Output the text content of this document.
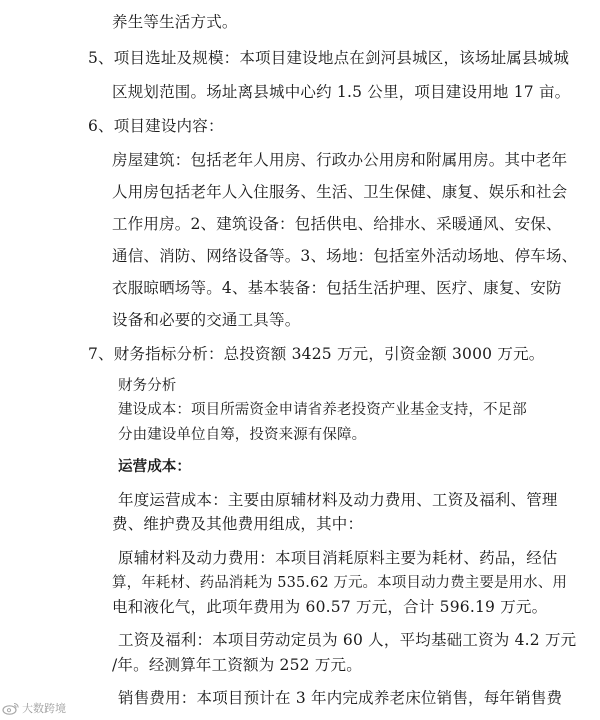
养生等生活方式。
5、项目选址及规模：本项目建设地点在剑河县城区，该场址属县城城
区规划范围。场址离县城中心约 1.5 公里，项目建设用地 17 亩。
6、项目建设内容：
房屋建筑：包括老年人用房、行政办公用房和附属用房。其中老年
人用房包括老年人入住服务、生活、卫生保健、康复、娱乐和社会
工作用房。2、建筑设备：包括供电、给排水、采暖通风、安保、
通信、消防、网络设备等。3、场地：包括室外活动场地、停车场、
衣服晾晒场等。4、基本装备：包括生活护理、医疗、康复、安防
设备和必要的交通工具等。
7、财务指标分析：总投资额 3425 万元，引资金额 3000 万元。
财务分析
建设成本：项目所需资金申请省养老投资产业基金支持，不足部
分由建设单位自筹，投资来源有保障。
运营成本：
年度运营成本：主要由原辅材料及动力费用、工资及福利、管理
费、维护费及其他费用组成，其中：
原辅材料及动力费用：本项目消耗原料主要为耗材、药品，经估
算，年耗材、药品消耗为 535.62 万元。本项目动力费主要是用水、用
电和液化气，此项年费用为 60.57 万元，合计 596.19 万元。
工资及福利：本项目劳动定员为 60 人，平均基础工资为 4.2 万元
/年。经测算年工资额为 252 万元。
销售费用：本项目预计在 3 年内完成养老床位销售，每年销售费
大数跨境
